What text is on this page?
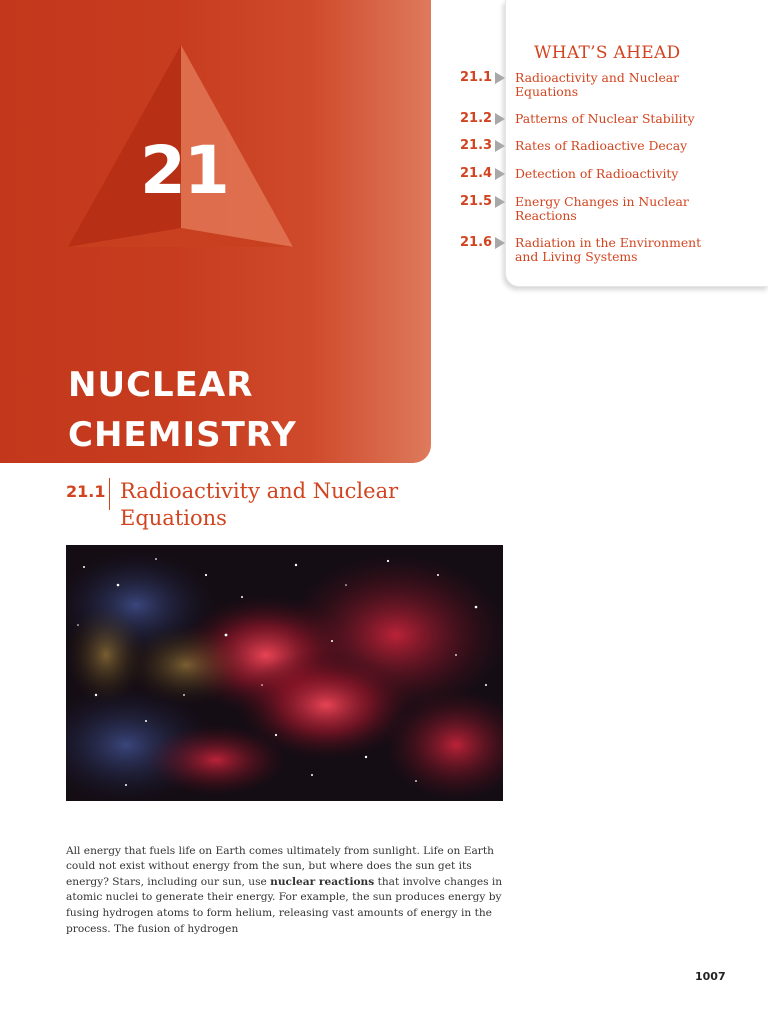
21
NUCLEAR
CHEMISTRY
WHAT’S AHEAD
21.1 Radioactivity and Nuclear Equations
21.2 Patterns of Nuclear Stability
21.3 Rates of Radioactive Decay
21.4 Detection of Radioactivity
21.5 Energy Changes in Nuclear Reactions
21.6 Radiation in the Environment and Living Systems
21.1 Radioactivity and Nuclear Equations

All energy that fuels life on Earth comes ultimately from sunlight. Life on Earth could not exist without energy from the sun, but where does the sun get its energy? Stars, including our sun, use nuclear reactions that involve changes in atomic nuclei to generate their energy. For example, the sun produces energy by fusing hydrogen atoms to form helium, releasing vast amounts of energy in the process. The fusion of hydrogen

1007
